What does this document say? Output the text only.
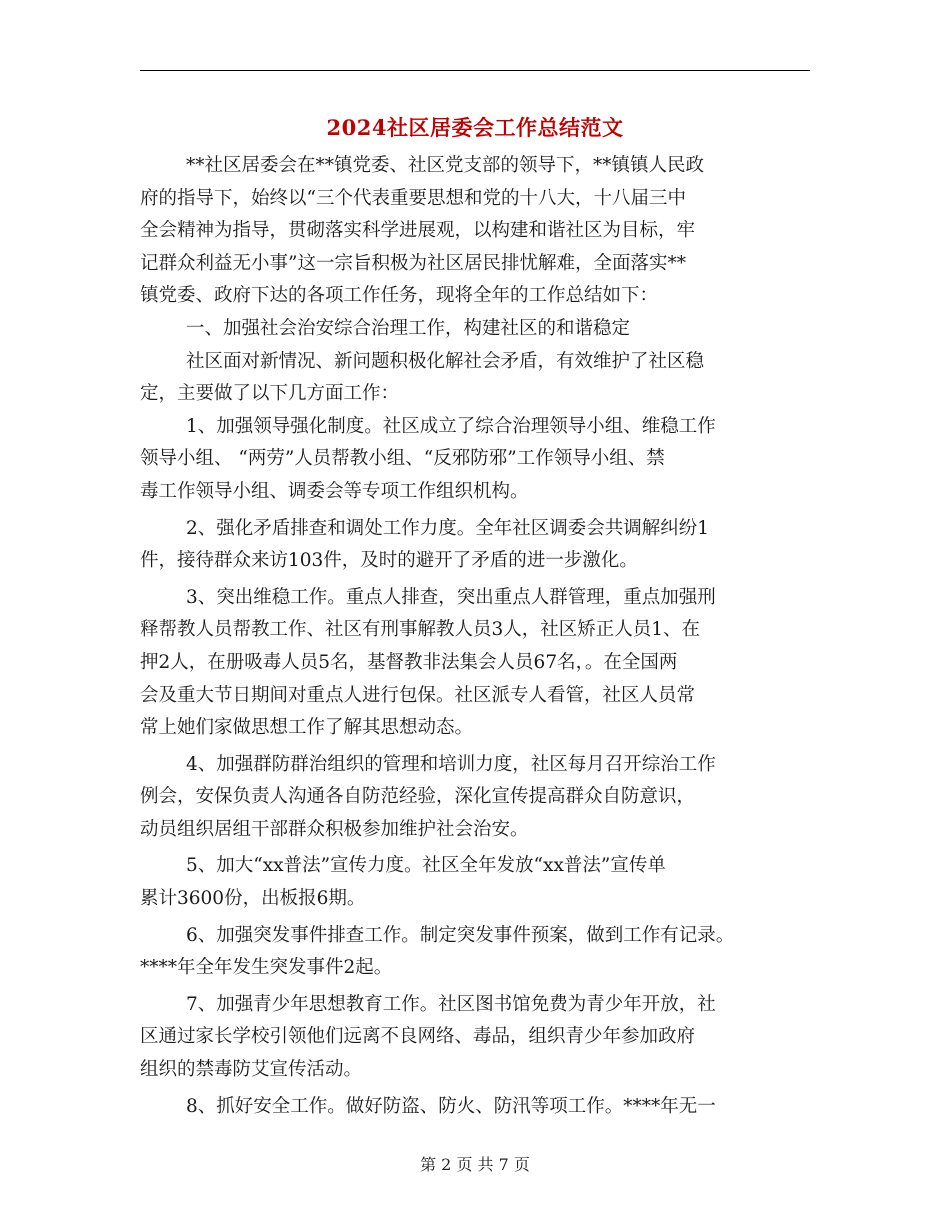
2024社区居委会工作总结范文
**社区居委会在**镇党委、社区党支部的领导下，**镇镇人民政
府的指导下，始终以“三个代表重要思想和党的十八大，十八届三中
全会精神为指导，贯砌落实科学进展观，以构建和谐社区为目标，牢
记群众利益无小事”这一宗旨积极为社区居民排忧解难，全面落实**
镇党委、政府下达的各项工作任务，现将全年的工作总结如下：
一、加强社会治安综合治理工作，构建社区的和谐稳定
社区面对新情况、新问题积极化解社会矛盾，有效维护了社区稳
定，主要做了以下几方面工作：
1、加强领导强化制度。社区成立了综合治理领导小组、维稳工作
领导小组、 “两劳”人员帮教小组、“反邪防邪”工作领导小组、禁
毒工作领导小组、调委会等专项工作组织机构。
2、强化矛盾排查和调处工作力度。全年社区调委会共调解纠纷1
件，接待群众来访103件，及时的避开了矛盾的进一步激化。
3、突出维稳工作。重点人排查，突出重点人群管理，重点加强刑
释帮教人员帮教工作、社区有刑事解教人员3人，社区矫正人员1、在
押2人，在册吸毒人员5名，基督教非法集会人员67名，。在全国两
会及重大节日期间对重点人进行包保。社区派专人看管，社区人员常
常上她们家做思想工作了解其思想动态。
4、加强群防群治组织的管理和培训力度，社区每月召开综治工作
例会，安保负责人沟通各自防范经验，深化宣传提高群众自防意识，
动员组织居组干部群众积极参加维护社会治安。
5、加大“xx普法”宣传力度。社区全年发放“xx普法”宣传单
累计3600份，出板报6期。
6、加强突发事件排查工作。制定突发事件预案，做到工作有记录。
****年全年发生突发事件2起。
7、加强青少年思想教育工作。社区图书馆免费为青少年开放，社
区通过家长学校引领他们远离不良网络、毒品，组织青少年参加政府
组织的禁毒防艾宣传活动。
8、抓好安全工作。做好防盗、防火、防汛等项工作。****年无一
第 2 页 共 7 页
